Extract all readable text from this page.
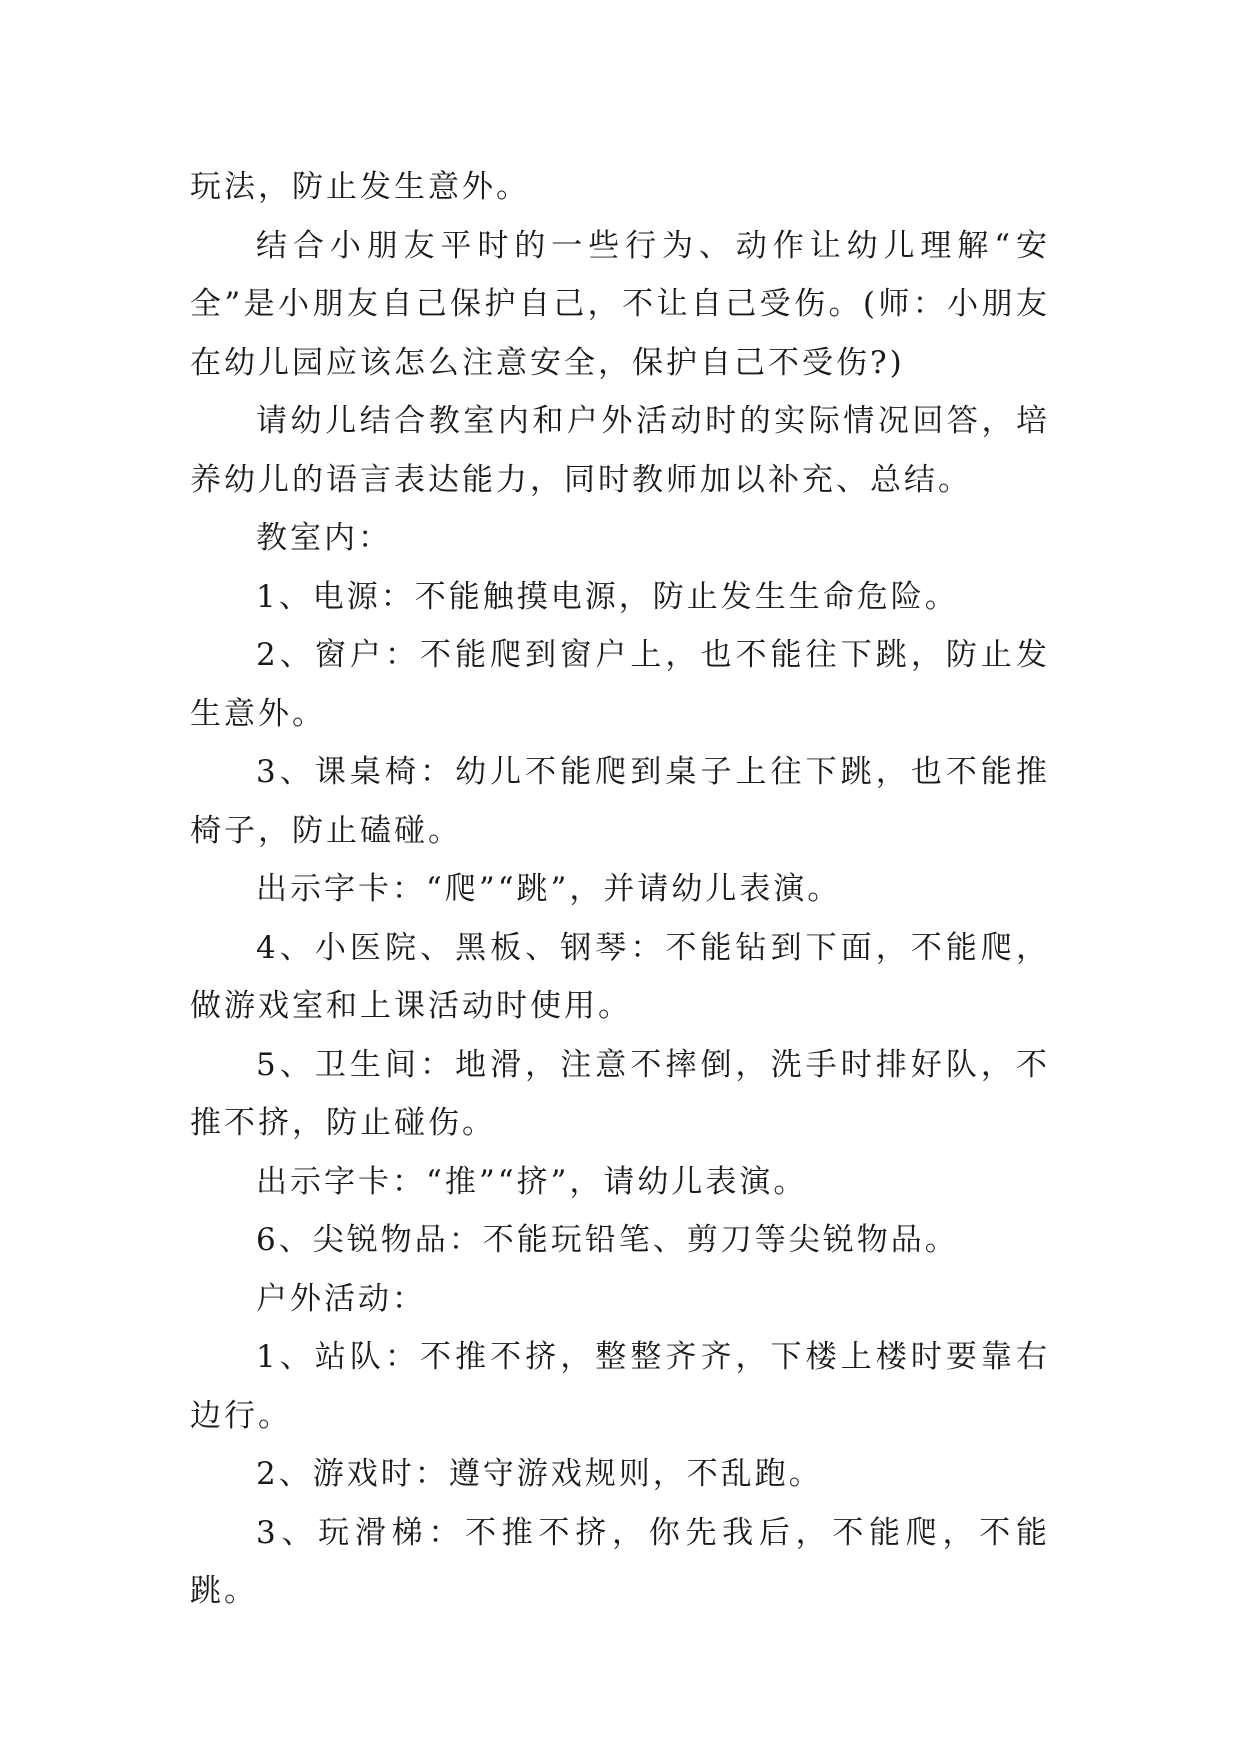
玩法，防止发生意外。

结合小朋友平时的一些行为、动作让幼儿理解“安全”是小朋友自己保护自己，不让自己受伤。(师：小朋友在幼儿园应该怎么注意安全，保护自己不受伤?)

请幼儿结合教室内和户外活动时的实际情况回答，培养幼儿的语言表达能力，同时教师加以补充、总结。

教室内：

1、电源：不能触摸电源，防止发生生命危险。

2、窗户：不能爬到窗户上，也不能往下跳，防止发生意外。

3、课桌椅：幼儿不能爬到桌子上往下跳，也不能推椅子，防止磕碰。

出示字卡：“爬”“跳”，并请幼儿表演。

4、小医院、黑板、钢琴：不能钻到下面，不能爬，做游戏室和上课活动时使用。

5、卫生间：地滑，注意不摔倒，洗手时排好队，不推不挤，防止碰伤。

出示字卡：“推”“挤”，请幼儿表演。

6、尖锐物品：不能玩铅笔、剪刀等尖锐物品。

户外活动：

1、站队：不推不挤，整整齐齐，下楼上楼时要靠右边行。

2、游戏时：遵守游戏规则，不乱跑。

3、玩滑梯：不推不挤，你先我后，不能爬，不能跳。
